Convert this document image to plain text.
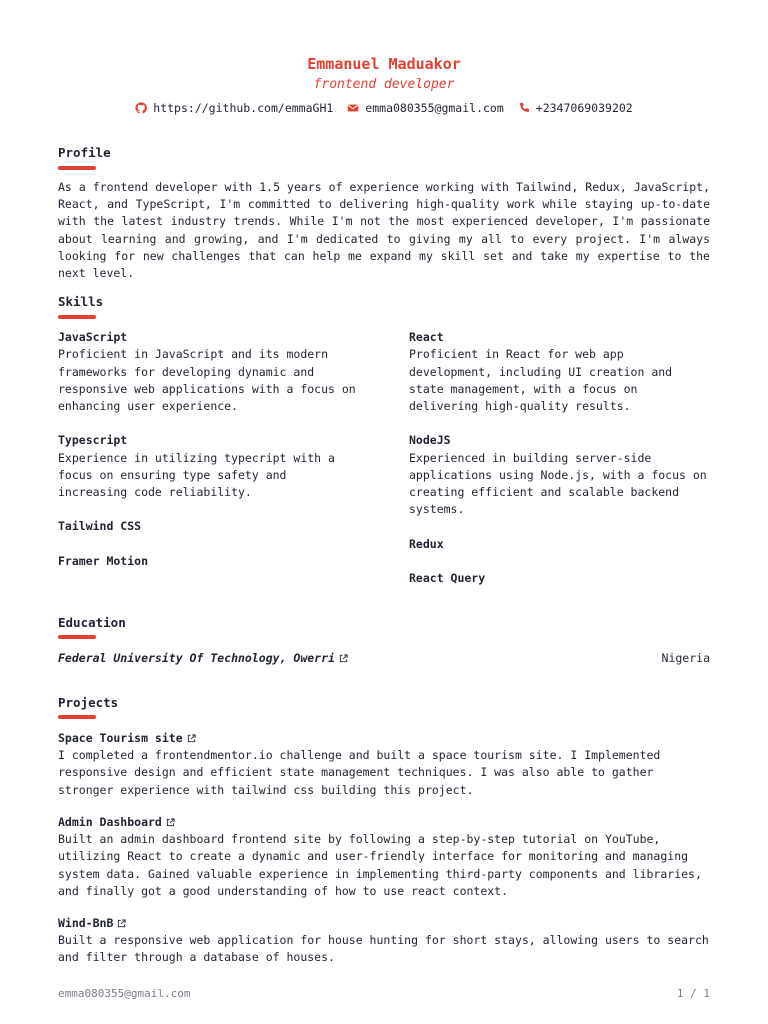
Emmanuel Maduakor
frontend developer
https://github.com/emmaGH1	emma080355@gmail.com	+2347069039202
Profile
As a frontend developer with 1.5 years of experience working with Tailwind, Redux, JavaScript, React, and TypeScript, I'm committed to delivering high-quality work while staying up-to-date with the latest industry trends. While I'm not the most experienced developer, I'm passionate about learning and growing, and I'm dedicated to giving my all to every project. I'm always looking for new challenges that can help me expand my skill set and take my expertise to the next level.
Skills
JavaScript
Proficient in JavaScript and its modern frameworks for developing dynamic and responsive web applications with a focus on enhancing user experience.
Typescript
Experience in utilizing typecript with a focus on ensuring type safety and increasing code reliability.
Tailwind CSS
Framer Motion
React
Proficient in React for web app development, including UI creation and state management, with a focus on delivering high-quality results.
NodeJS
Experienced in building server-side applications using Node.js, with a focus on creating efficient and scalable backend systems.
Redux
React Query
Education
Federal University Of Technology, Owerri	Nigeria
Projects
Space Tourism site
I completed a frontendmentor.io challenge and built a space tourism site. I Implemented responsive design and efficient state management techniques. I was also able to gather stronger experience with tailwind css building this project.
Admin Dashboard
Built an admin dashboard frontend site by following a step-by-step tutorial on YouTube, utilizing React to create a dynamic and user-friendly interface for monitoring and managing system data. Gained valuable experience in implementing third-party components and libraries, and finally got a good understanding of how to use react context.
Wind-BnB
Built a responsive web application for house hunting for short stays, allowing users to search and filter through a database of houses.
emma080355@gmail.com	1 / 1
